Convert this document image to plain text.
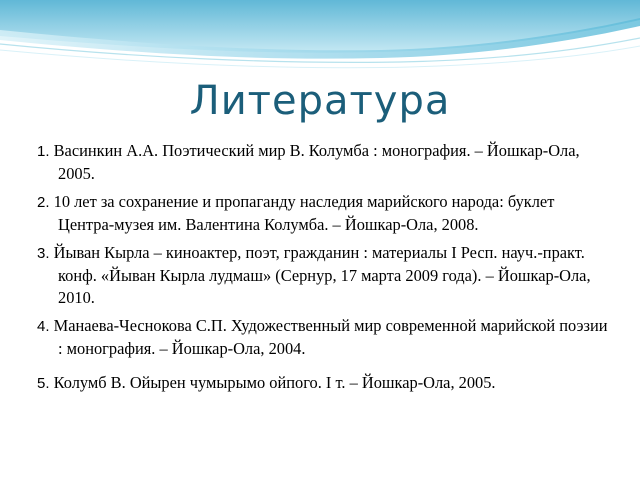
Литература
1. Васинкин А.А. Поэтический мир В. Колумба : монография. – Йошкар-Ола, 2005.
2. 10 лет за сохранение и пропаганду наследия марийского народа: буклет Центра-музея им. Валентина Колумба. – Йошкар-Ола, 2008.
3. Йыван Кырла – киноактер, поэт, гражданин : материалы I Респ. науч.-практ. конф. «Йыван Кырла лудмаш» (Сернур, 17 марта 2009 года). – Йошкар-Ола, 2010.
4. Манаева-Чеснокова С.П. Художественный мир современной марийской поэзии : монография. – Йошкар-Ола, 2004.
5. Колумб В. Ойырен чумырымо ойпого. I т. – Йошкар-Ола, 2005.
